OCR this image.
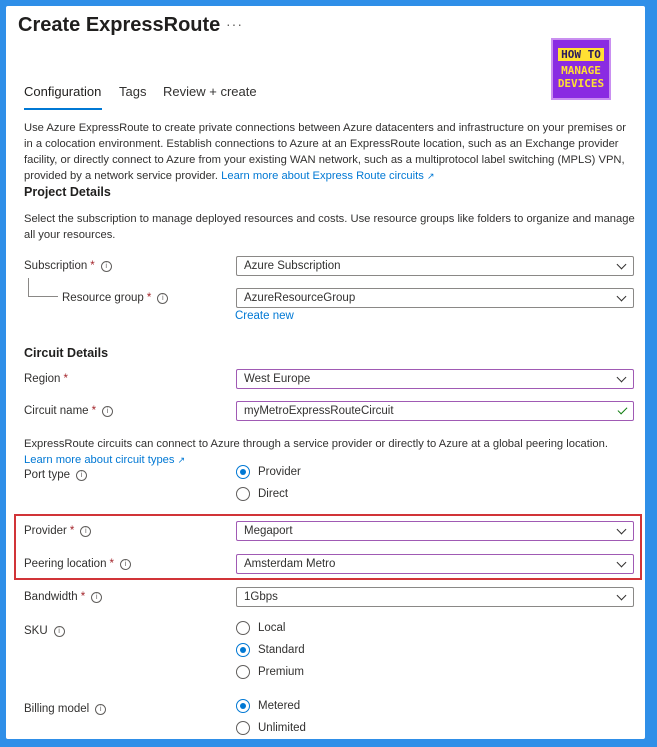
Create ExpressRoute ···
HOW TO
MANAGE
DEVICES
Configuration Tags Review + create
Use Azure ExpressRoute to create private connections between Azure datacenters and infrastructure on your premises or in a colocation environment. Establish connections to Azure at an ExpressRoute location, such as an Exchange provider facility, or directly connect to Azure from your existing WAN network, such as a multiprotocol label switching (MPLS) VPN, provided by a network service provider. Learn more about Express Route circuits ↗
Project Details
Select the subscription to manage deployed resources and costs. Use resource groups like folders to organize and manage all your resources.
Subscription * i	Azure Subscription
Resource group * i	AzureResourceGroup
Create new
Circuit Details
Region *	West Europe
Circuit name * i	myMetroExpressRouteCircuit
ExpressRoute circuits can connect to Azure through a service provider or directly to Azure at a global peering location.
Learn more about circuit types ↗
Port type i	Provider
Direct
Provider * i	Megaport
Peering location * i	Amsterdam Metro
Bandwidth * i	1Gbps
SKU i	Local
Standard
Premium
Billing model i	Metered
Unlimited
